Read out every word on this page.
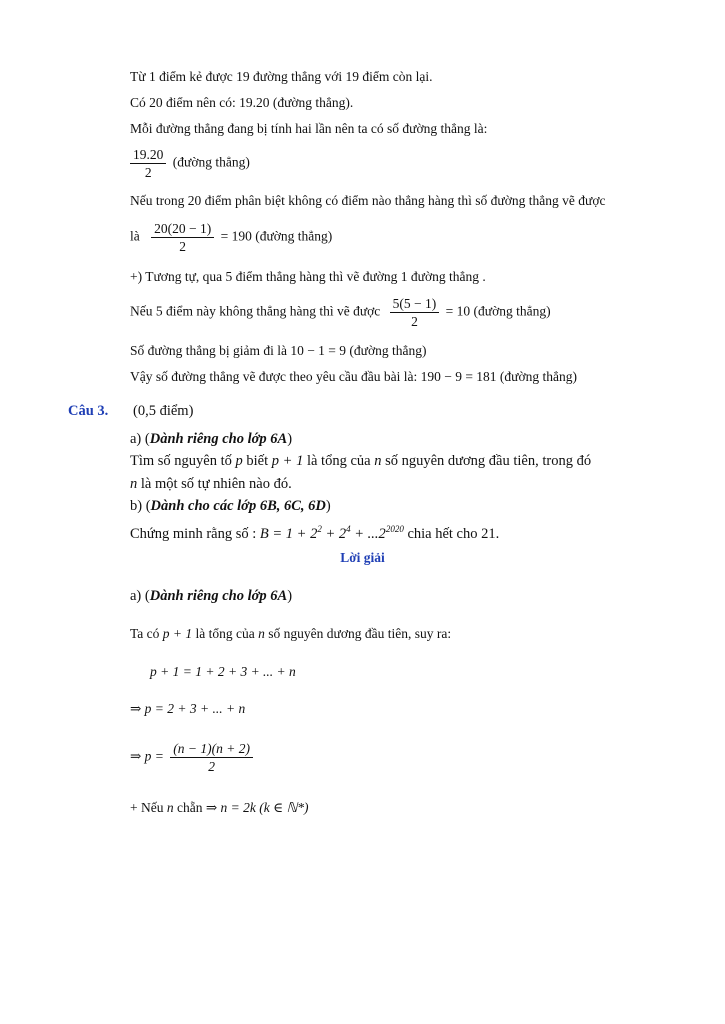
Từ 1 điểm kẻ được 19 đường thẳng với 19 điểm còn lại.
Có 20 điểm nên có: 19.20 (đường thẳng).
Mỗi đường thẳng đang bị tính hai lần nên ta có số đường thẳng là:
$\frac{19.20}{2}$ (đường thẳng)
Nếu trong 20 điểm phân biệt không có điểm nào thẳng hàng thì số đường thẳng vẽ được
là $\frac{20(20 - 1)}{2} = 190$ (đường thẳng)
+) Tương tự, qua 5 điểm thẳng hàng thì vẽ đường 1 đường thẳng .
Nếu 5 điểm này không thẳng hàng thì vẽ được $\frac{5(5 - 1)}{2} = 10$ (đường thẳng)
Số đường thẳng bị giảm đi là 10 − 1 = 9 (đường thẳng)
Vậy số đường thẳng vẽ được theo yêu cầu đầu bài là: 190 − 9 = 181 (đường thẳng)
Câu 3. (0,5 điểm)
a) (Dành riêng cho lớp 6A)
Tìm số nguyên tố p biết p + 1 là tổng của n số nguyên dương đầu tiên, trong đó
n là một số tự nhiên nào đó.
b) (Dành cho các lớp 6B, 6C, 6D)
Chứng minh rằng số : $B = 1 + 2^2 + 2^4 + ...2^{2020}$ chia hết cho 21.
Lời giải
a) (Dành riêng cho lớp 6A)
Ta có p + 1 là tổng của n số nguyên dương đầu tiên, suy ra:
p + 1 = 1 + 2 + 3 + ... + n
⇒ p = 2 + 3 + ... + n
⇒ $p = \frac{(n - 1)(n + 2)}{2}$
+ Nếu n chẵn ⇒ n = 2k (k ∈ ℕ*)
